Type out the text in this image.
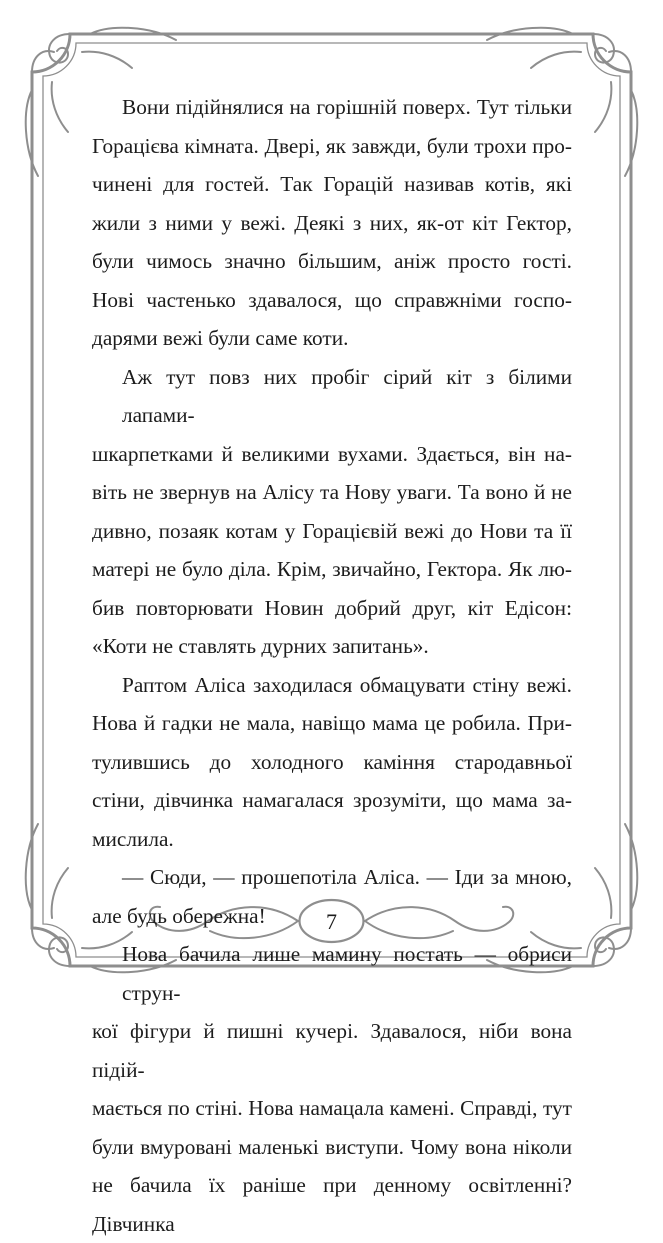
Вони підійнялися на горішній поверх. Тут тільки
Горацієва кімната. Двері, як завжди, були трохи про-
чинені для гостей. Так Горацій називав котів, які
жили з ними у вежі. Деякі з них, як-от кіт Гектор,
були чимось значно більшим, аніж просто гості.
Нові частенько здавалося, що справжніми госпо-
дарями вежі були саме коти.

Аж тут повз них пробіг сірий кіт з білими лапами-
шкарпетками й великими вухами. Здається, він на-
віть не звернув на Алісу та Нову уваги. Та воно й не
дивно, позаяк котам у Горацієвій вежі до Нови та її
матері не було діла. Крім, звичайно, Гектора. Як лю-
бив повторювати Новин добрий друг, кіт Едісон:
«Коти не ставлять дурних запитань».

Раптом Аліса заходилася обмацувати стіну вежі.
Нова й гадки не мала, навіщо мама це робила. При-
тулившись до холодного каміння стародавньої
стіни, дівчинка намагалася зрозуміти, що мама за-
мислила.

— Сюди, — прошепотіла Аліса. — Іди за мною,
але будь обережна!

Нова бачила лише мамину постать — обриси струн-
кої фігури й пишні кучері. Здавалося, ніби вона підій-
мається по стіні. Нова намацала камені. Справді, тут
були вмуровані маленькі виступи. Чому вона ніколи
не бачила їх раніше при денному освітленні? Дівчинка

7
